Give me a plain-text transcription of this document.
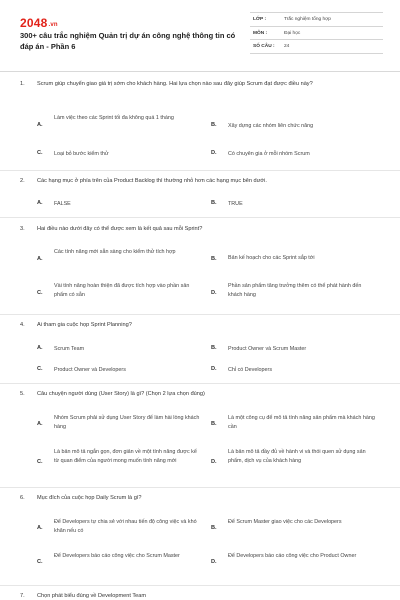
2048.vn
300+ câu trắc nghiệm Quản trị dự án công nghệ thông tin có đáp án - Phần 6
LỚP :	Trắc nghiệm tổng hợp
MÔN :	Đại học
SỐ CÂU : 24
1. Scrum giúp chuyển giao giá trị sớm cho khách hàng. Hai lựa chọn nào sau đây giúp Scrum đạt được điều này?
A.
Làm việc theo các Sprint tối đa không quá 1 tháng
B. Xây dựng các nhóm liên chức năng
C. Loại bỏ bước kiểm thử	D. Có chuyên gia ở mỗi nhóm Scrum
2. Các hạng mục ở phía trên của Product Backlog thì thường nhỏ hơn các hạng mục bên dưới.
A. FALSE	B. TRUE
3. Hai điều nào dưới đây có thể được xem là kết quả sau mỗi Sprint?
A.
Các tính năng mới sẵn sàng cho kiểm thử tích hợp
B. Bản kế hoạch cho các Sprint sắp tới
C.
Vài tính năng hoàn thiện đã được tích hợp vào phần sản phẩm có sẵn	D.
Phần sản phẩm tăng trưởng thêm có thể phát hành đến khách hàng
4. Ai tham gia cuộc họp Sprint Planning?
A. Scrum Team	B. Product Owner và Scrum Master
C. Product Owner và Developers	D. Chỉ có Developers
5. Câu chuyện người dùng (User Story) là gì? (Chọn 2 lựa chọn đúng)
A.
Nhóm Scrum phải sử dụng User Story để làm hài lòng khách hàng	B.
Là một công cụ để mô tả tính năng sản phẩm mà khách hàng cần
C.
Là bản mô tả ngắn gọn, đơn giản về một tính năng được kể từ quan điểm của người mong muốn tính năng mới	D.
Là bản mô tả đầy đủ về hành vi và thói quen sử dụng sản phẩm, dịch vụ của khách hàng
6. Mục đích của cuộc họp Daily Scrum là gì?
A.
Để Developers tự chia sẻ với nhau tiến độ công việc và khó khăn nếu có	B.
Để Scrum Master giao việc cho các Developers
C.
Để Developers báo cáo công việc cho Scrum Master
D.
Để Developers báo cáo công việc cho Product Owner
7. Chọn phát biểu đúng về Development Team
